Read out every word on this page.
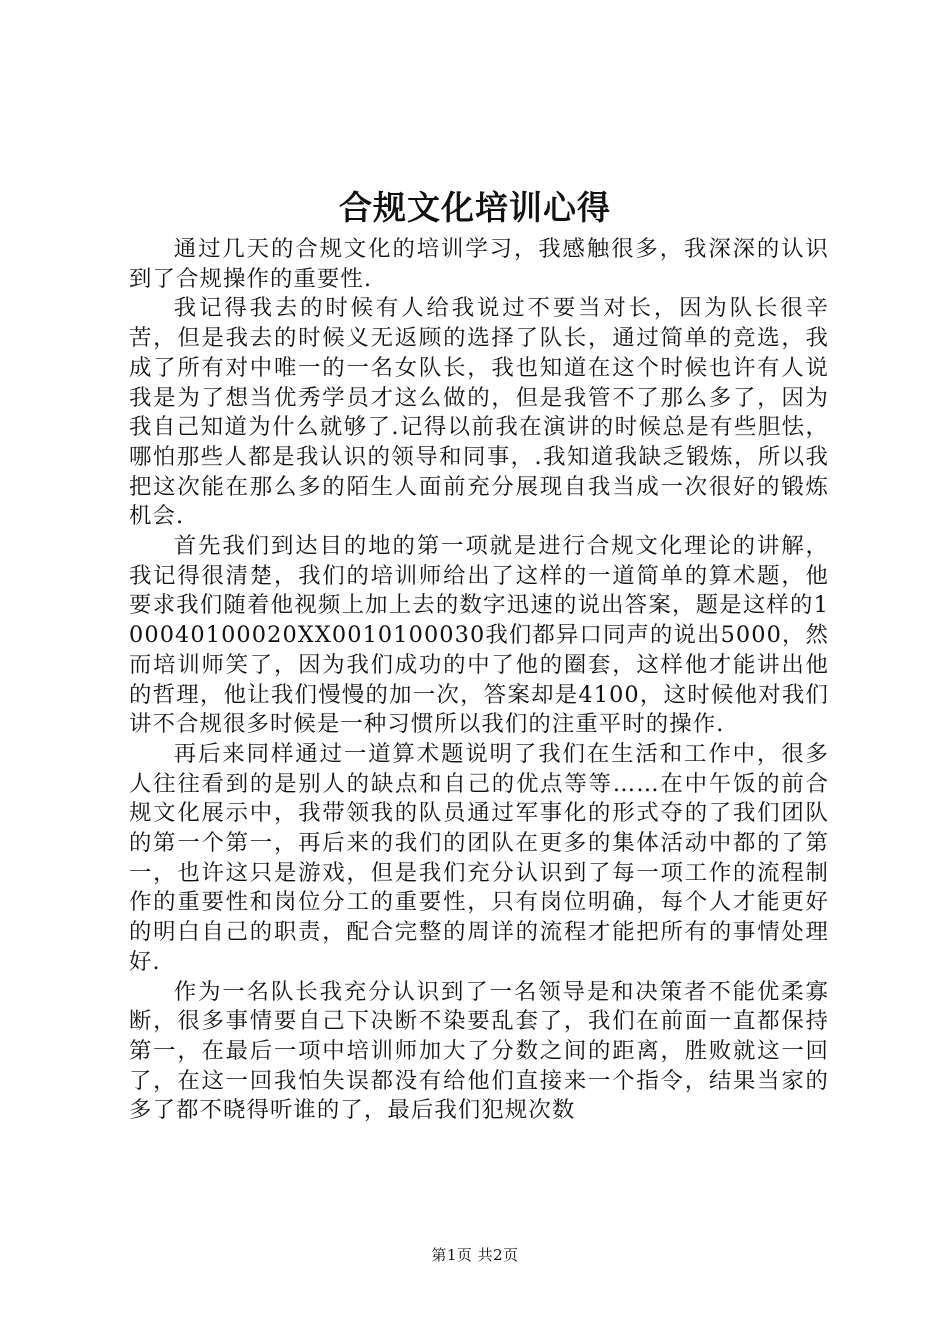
合规文化培训心得

通过几天的合规文化的培训学习，我感触很多，我深深的认识到了合规操作的重要性.

我记得我去的时候有人给我说过不要当对长，因为队长很辛苦，但是我去的时候义无返顾的选择了队长，通过简单的竞选，我成了所有对中唯一的一名女队长，我也知道在这个时候也许有人说我是为了想当优秀学员才这么做的，但是我管不了那么多了，因为我自己知道为什么就够了.记得以前我在演讲的时候总是有些胆怯，哪怕那些人都是我认识的领导和同事，.我知道我缺乏锻炼，所以我把这次能在那么多的陌生人面前充分展现自我当成一次很好的锻炼机会.

首先我们到达目的地的第一项就是进行合规文化理论的讲解，我记得很清楚，我们的培训师给出了这样的一道简单的算术题，他要求我们随着他视频上加上去的数字迅速的说出答案，题是这样的100040100020XX0010100030我们都异口同声的说出5000，然而培训师笑了，因为我们成功的中了他的圈套，这样他才能讲出他的哲理，他让我们慢慢的加一次，答案却是4100，这时候他对我们讲不合规很多时候是一种习惯所以我们的注重平时的操作.

再后来同样通过一道算术题说明了我们在生活和工作中，很多人往往看到的是别人的缺点和自己的优点等等……在中午饭的前合规文化展示中，我带领我的队员通过军事化的形式夺的了我们团队的第一个第一，再后来的我们的团队在更多的集体活动中都的了第一，也许这只是游戏，但是我们充分认识到了每一项工作的流程制作的重要性和岗位分工的重要性，只有岗位明确，每个人才能更好的明白自己的职责，配合完整的周详的流程才能把所有的事情处理好.

作为一名队长我充分认识到了一名领导是和决策者不能优柔寡断，很多事情要自己下决断不染要乱套了，我们在前面一直都保持第一，在最后一项中培训师加大了分数之间的距离，胜败就这一回了，在这一回我怕失误都没有给他们直接来一个指令，结果当家的多了都不晓得听谁的了，最后我们犯规次数

第1页 共2页
